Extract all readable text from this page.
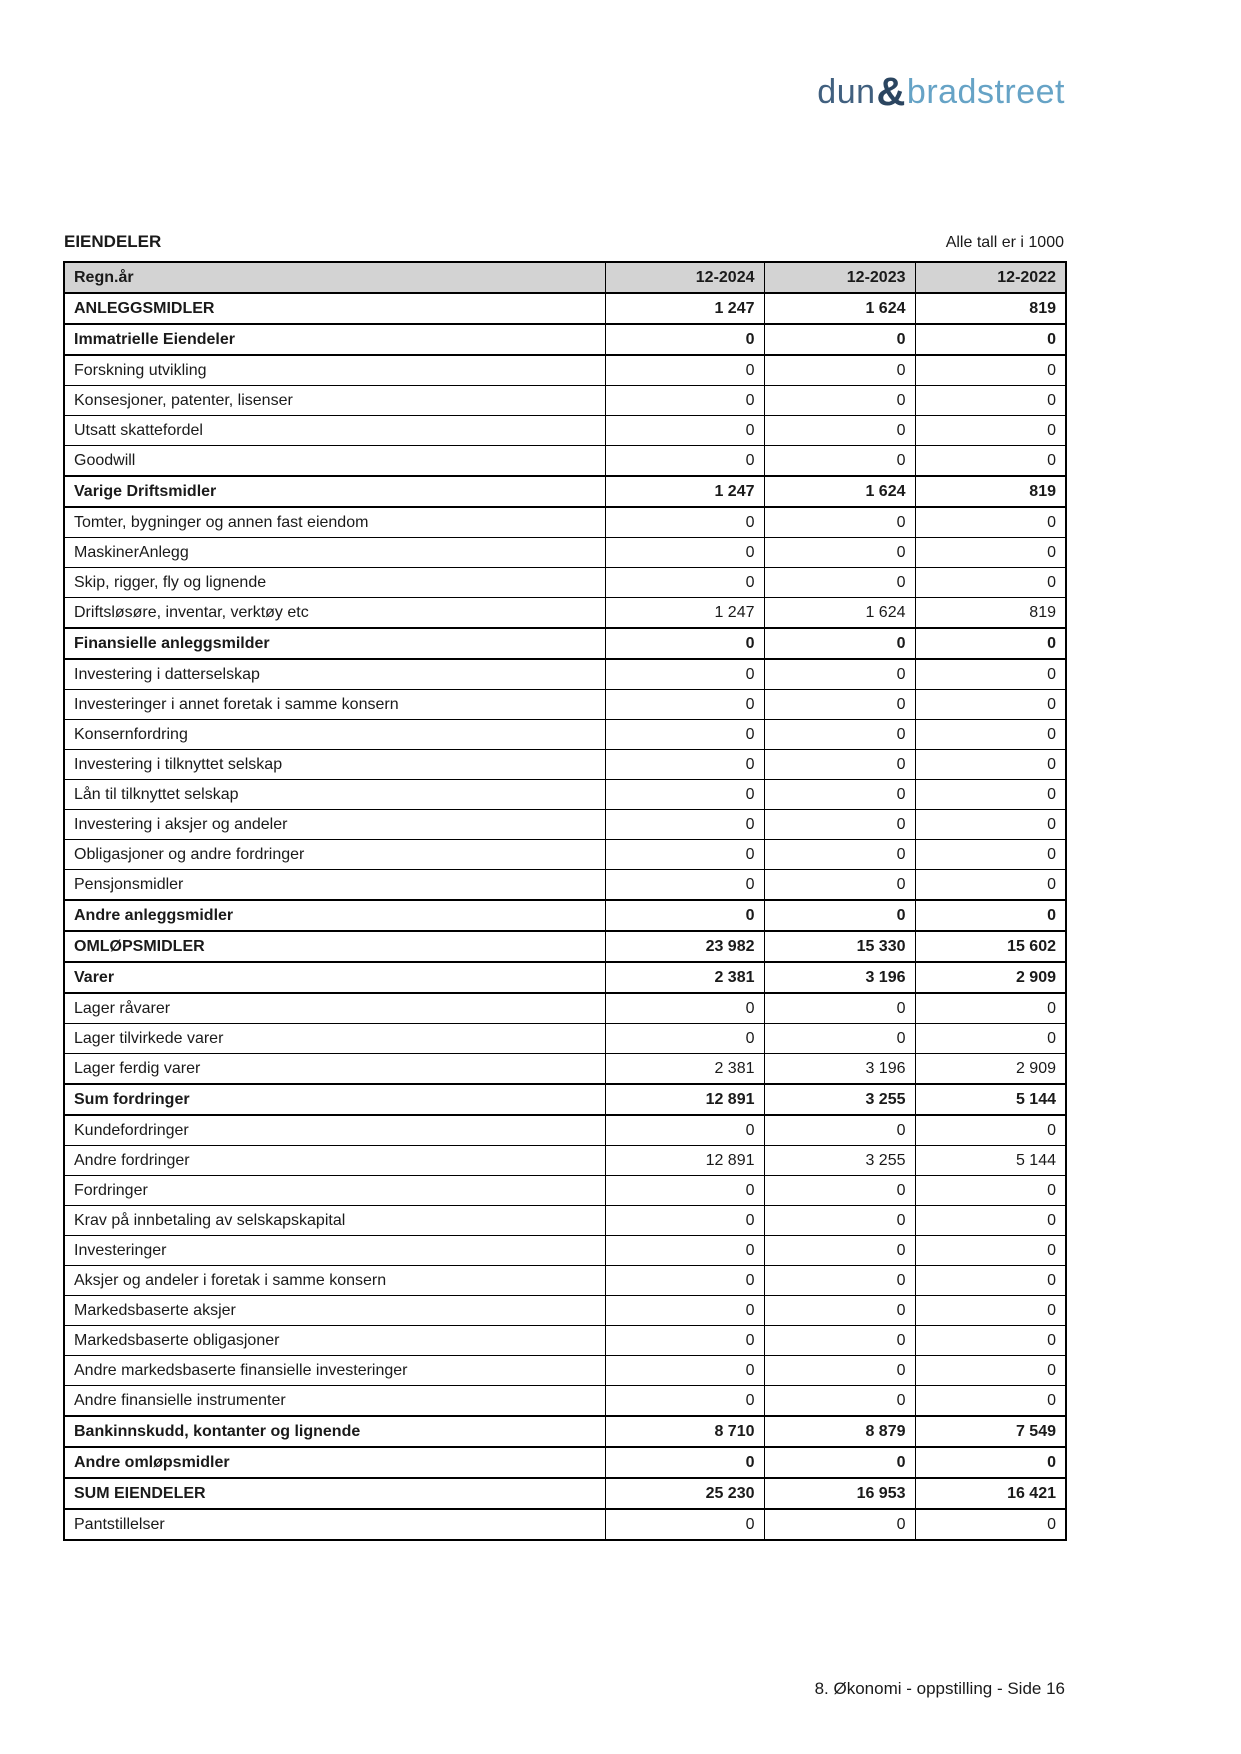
dun&bradstreet
EIENDELER	Alle tall er i 1000
Regn.år	12-2024	12-2023	12-2022
ANLEGGSMIDLER	1 247	1 624	819
Immatrielle Eiendeler	0	0	0
Forskning utvikling	0	0	0
Konsesjoner, patenter, lisenser	0	0	0
Utsatt skattefordel	0	0	0
Goodwill	0	0	0
Varige Driftsmidler	1 247	1 624	819
Tomter, bygninger og annen fast eiendom	0	0	0
MaskinerAnlegg	0	0	0
Skip, rigger, fly og lignende	0	0	0
Driftsløsøre, inventar, verktøy etc	1 247	1 624	819
Finansielle anleggsmilder	0	0	0
Investering i datterselskap	0	0	0
Investeringer i annet foretak i samme konsern	0	0	0
Konsernfordring	0	0	0
Investering i tilknyttet selskap	0	0	0
Lån til tilknyttet selskap	0	0	0
Investering i aksjer og andeler	0	0	0
Obligasjoner og andre fordringer	0	0	0
Pensjonsmidler	0	0	0
Andre anleggsmidler	0	0	0
OMLØPSMIDLER	23 982	15 330	15 602
Varer	2 381	3 196	2 909
Lager råvarer	0	0	0
Lager tilvirkede varer	0	0	0
Lager ferdig varer	2 381	3 196	2 909
Sum fordringer	12 891	3 255	5 144
Kundefordringer	0	0	0
Andre fordringer	12 891	3 255	5 144
Fordringer	0	0	0
Krav på innbetaling av selskapskapital	0	0	0
Investeringer	0	0	0
Aksjer og andeler i foretak i samme konsern	0	0	0
Markedsbaserte aksjer	0	0	0
Markedsbaserte obligasjoner	0	0	0
Andre markedsbaserte finansielle investeringer	0	0	0
Andre finansielle instrumenter	0	0	0
Bankinnskudd, kontanter og lignende	8 710	8 879	7 549
Andre omløpsmidler	0	0	0
SUM EIENDELER	25 230	16 953	16 421
Pantstillelser	0	0	0
8. Økonomi - oppstilling - Side 16
